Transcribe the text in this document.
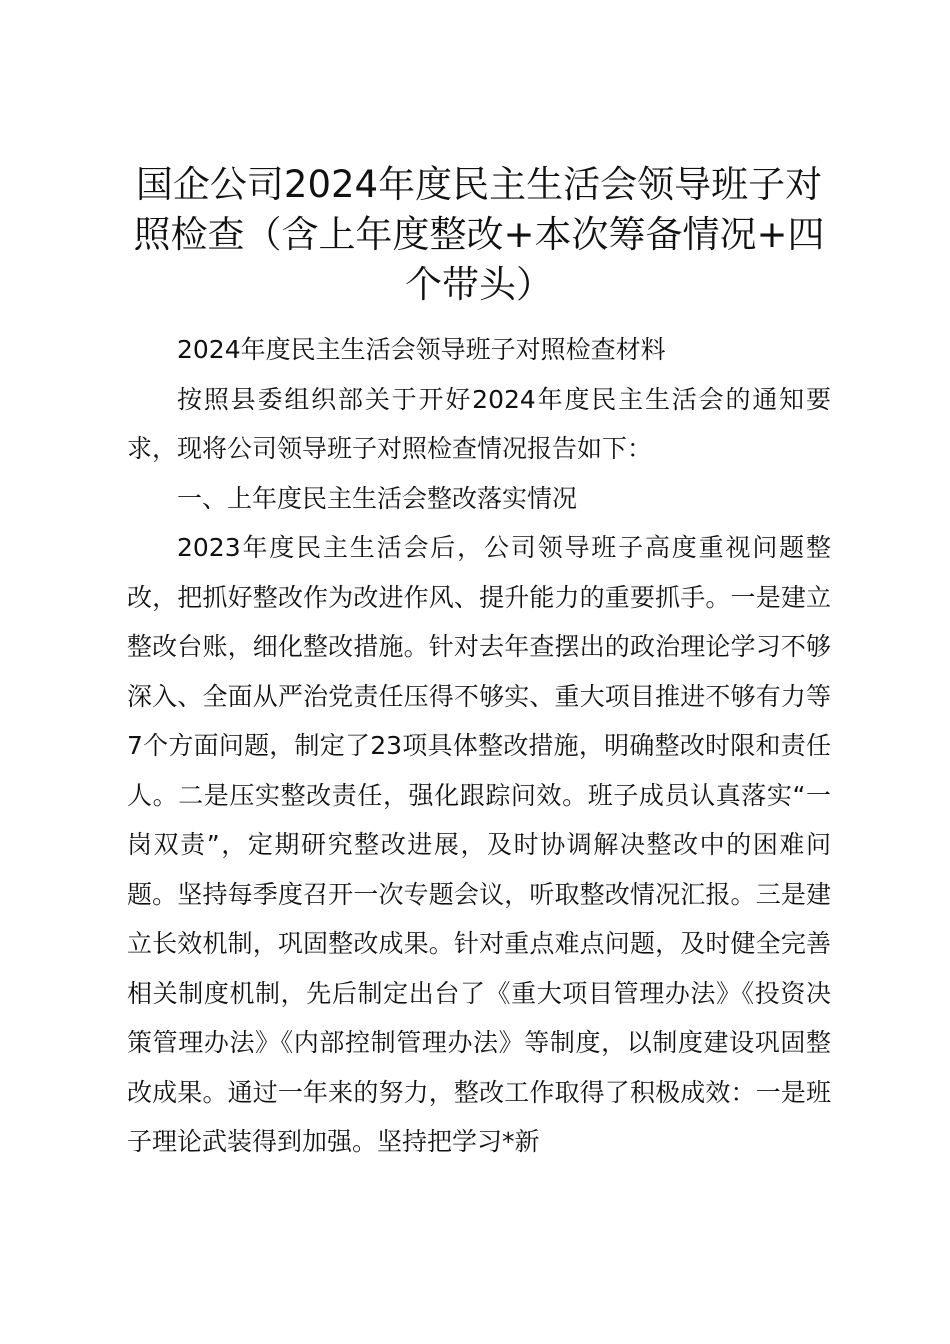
国企公司2024年度民主生活会领导班子对照检查（含上年度整改+本次筹备情况+四个带头）

2024年度民主生活会领导班子对照检查材料

按照县委组织部关于开好2024年度民主生活会的通知要求，现将公司领导班子对照检查情况报告如下：

一、上年度民主生活会整改落实情况

2023年度民主生活会后，公司领导班子高度重视问题整改，把抓好整改作为改进作风、提升能力的重要抓手。一是建立整改台账，细化整改措施。针对去年查摆出的政治理论学习不够深入、全面从严治党责任压得不够实、重大项目推进不够有力等7个方面问题，制定了23项具体整改措施，明确整改时限和责任人。二是压实整改责任，强化跟踪问效。班子成员认真落实“一岗双责”，定期研究整改进展，及时协调解决整改中的困难问题。坚持每季度召开一次专题会议，听取整改情况汇报。三是建立长效机制，巩固整改成果。针对重点难点问题，及时健全完善相关制度机制，先后制定出台了《重大项目管理办法》《投资决策管理办法》《内部控制管理办法》等制度，以制度建设巩固整改成果。通过一年来的努力，整改工作取得了积极成效：一是班子理论武装得到加强。坚持把学习*新
